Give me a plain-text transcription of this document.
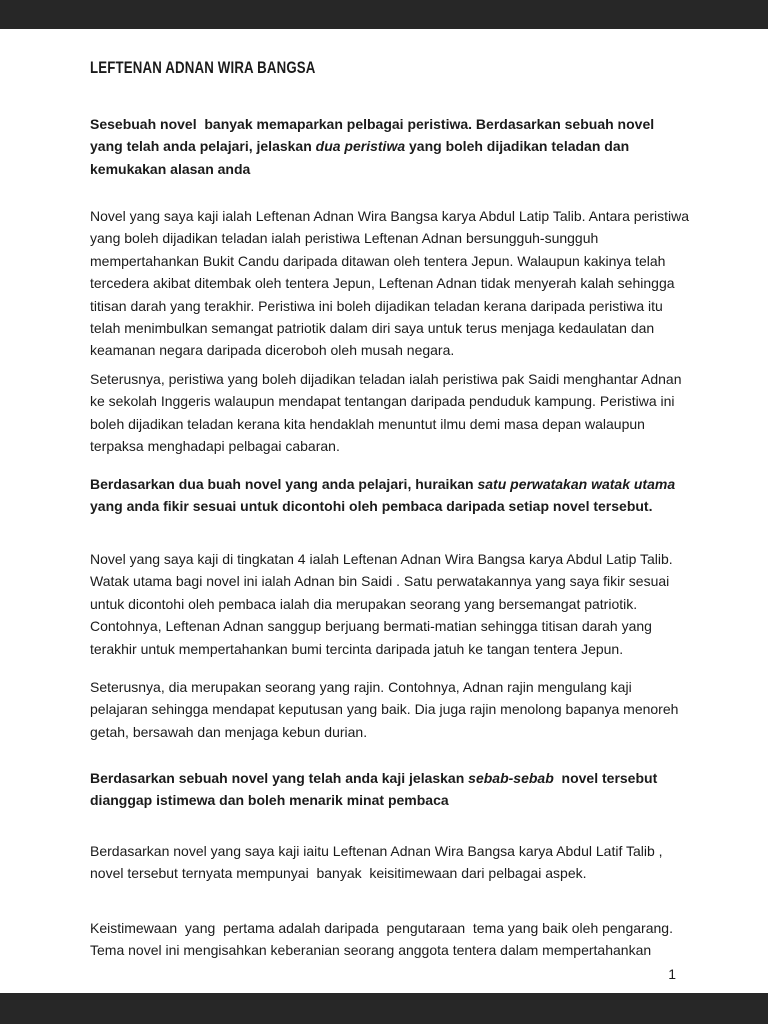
LEFTENAN ADNAN WIRA BANGSA

Sesebuah novel  banyak memaparkan pelbagai peristiwa. Berdasarkan sebuah novel yang telah anda pelajari, jelaskan dua peristiwa yang boleh dijadikan teladan dan kemukakan alasan anda

Novel yang saya kaji ialah Leftenan Adnan Wira Bangsa karya Abdul Latip Talib. Antara peristiwa yang boleh dijadikan teladan ialah peristiwa Leftenan Adnan bersungguh-sungguh mempertahankan Bukit Candu daripada ditawan oleh tentera Jepun. Walaupun kakinya telah tercedera akibat ditembak oleh tentera Jepun, Leftenan Adnan tidak menyerah kalah sehingga titisan darah yang terakhir. Peristiwa ini boleh dijadikan teladan kerana daripada peristiwa itu telah menimbulkan semangat patriotik dalam diri saya untuk terus menjaga kedaulatan dan keamanan negara daripada diceroboh oleh musah negara.

Seterusnya, peristiwa yang boleh dijadikan teladan ialah peristiwa pak Saidi menghantar Adnan ke sekolah Inggeris walaupun mendapat tentangan daripada penduduk kampung. Peristiwa ini boleh dijadikan teladan kerana kita hendaklah menuntut ilmu demi masa depan walaupun terpaksa menghadapi pelbagai cabaran.

Berdasarkan dua buah novel yang anda pelajari, huraikan satu perwatakan watak utama yang anda fikir sesuai untuk dicontohi oleh pembaca daripada setiap novel tersebut.

Novel yang saya kaji di tingkatan 4 ialah Leftenan Adnan Wira Bangsa karya Abdul Latip Talib. Watak utama bagi novel ini ialah Adnan bin Saidi . Satu perwatakannya yang saya fikir sesuai untuk dicontohi oleh pembaca ialah dia merupakan seorang yang bersemangat patriotik. Contohnya, Leftenan Adnan sanggup berjuang bermati-matian sehingga titisan darah yang terakhir untuk mempertahankan bumi tercinta daripada jatuh ke tangan tentera Jepun.

Seterusnya, dia merupakan seorang yang rajin. Contohnya, Adnan rajin mengulang kaji pelajaran sehingga mendapat keputusan yang baik. Dia juga rajin menolong bapanya menoreh getah, bersawah dan menjaga kebun durian.

Berdasarkan sebuah novel yang telah anda kaji jelaskan sebab-sebab  novel tersebut dianggap istimewa dan boleh menarik minat pembaca

Berdasarkan novel yang saya kaji iaitu Leftenan Adnan Wira Bangsa karya Abdul Latif Talib , novel tersebut ternyata mempunyai  banyak  keisitimewaan dari pelbagai aspek.

Keistimewaan  yang  pertama adalah daripada  pengutaraan  tema yang baik oleh pengarang. Tema novel ini mengisahkan keberanian seorang anggota tentera dalam mempertahankan

1
